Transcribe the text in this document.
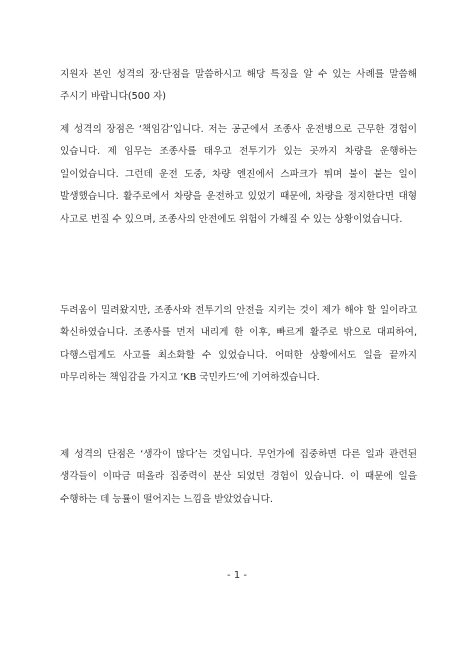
지원자 본인 성격의 장·단점을 말씀하시고 해당 특징을 알 수 있는 사례를 말씀해 주시기 바랍니다(500 자)

제 성격의 장점은 ‘책임감’입니다. 저는 공군에서 조종사 운전병으로 근무한 경험이 있습니다. 제 임무는 조종사를 태우고 전투기가 있는 곳까지 차량을 운행하는 일이었습니다. 그런데 운전 도중, 차량 엔진에서 스파크가 튀며 불이 붙는 일이 발생했습니다. 활주로에서 차량을 운전하고 있었기 때문에, 차량을 정지한다면 대형 사고로 번질 수 있으며, 조종사의 안전에도 위험이 가해질 수 있는 상황이었습니다.

두려움이 밀려왔지만, 조종사와 전투기의 안전을 지키는 것이 제가 해야 할 일이라고 확신하였습니다. 조종사를 먼저 내리게 한 이후, 빠르게 활주로 밖으로 대피하여, 다행스럽게도 사고를 최소화할 수 있었습니다. 어떠한 상황에서도 일을 끝까지 마무리하는 책임감을 가지고 ‘KB 국민카드’에 기여하겠습니다.

제 성격의 단점은 ‘생각이 많다’는 것입니다. 무언가에 집중하면 다른 일과 관련된 생각들이 이따금 떠올라 집중력이 분산 되었던 경험이 있습니다. 이 때문에 일을 수행하는 데 능률이 떨어지는 느낌을 받았었습니다.

- 1 -
